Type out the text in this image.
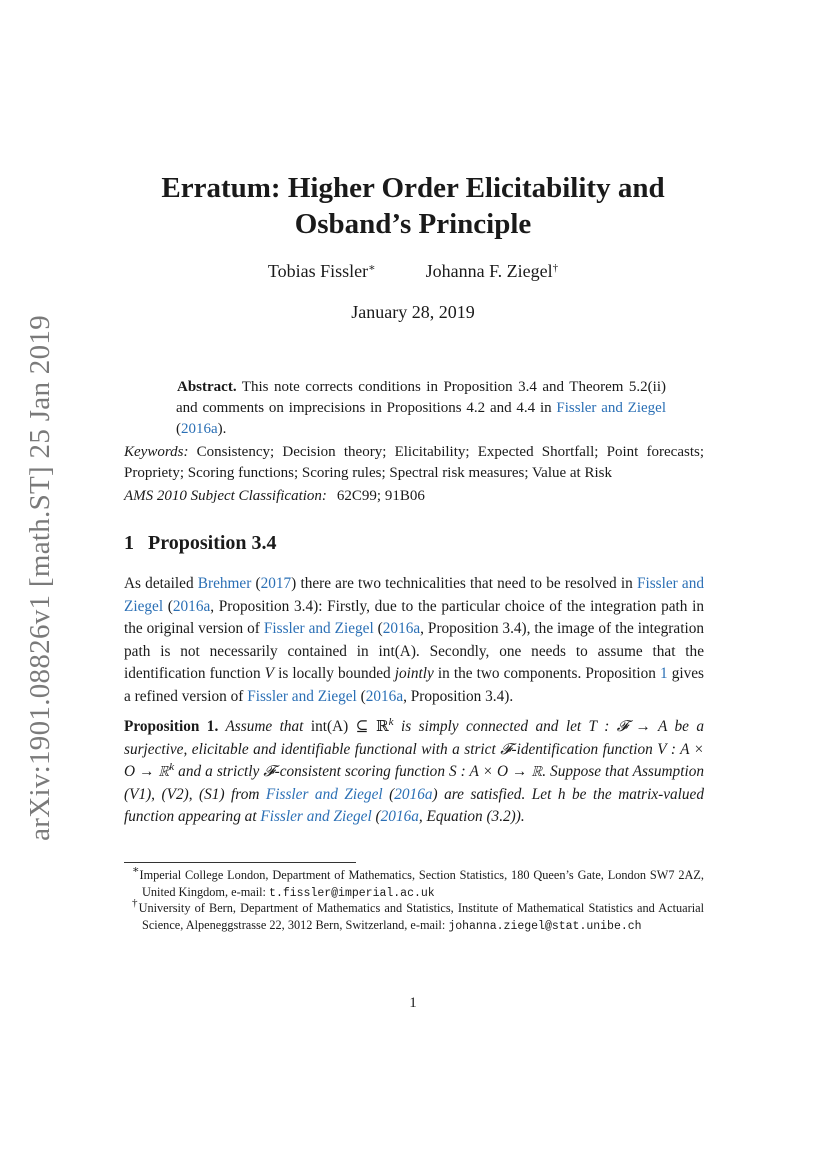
arXiv:1901.08826v1 [math.ST] 25 Jan 2019
Erratum: Higher Order Elicitability and
Osband’s Principle
Tobias Fissler∗	Johanna F. Ziegel†
January 28, 2019

Abstract. This note corrects conditions in Proposition 3.4 and Theorem 5.2(ii) and comments on imprecisions in Propositions 4.2 and 4.4 in Fissler and Ziegel (2016a).

Keywords: Consistency; Decision theory; Elicitability; Expected Shortfall; Point forecasts; Propriety; Scoring functions; Scoring rules; Spectral risk measures; Value at Risk

AMS 2010 Subject Classification: 62C99; 91B06
1 Proposition 3.4

As detailed Brehmer (2017) there are two technicalities that need to be resolved in Fissler and Ziegel (2016a, Proposition 3.4): Firstly, due to the particular choice of the integration path in the original version of Fissler and Ziegel (2016a, Proposition 3.4), the image of the integration path is not necessarily contained in int(A). Secondly, one needs to assume that the identification function V is locally bounded jointly in the two components. Proposition 1 gives a refined version of Fissler and Ziegel (2016a, Proposition 3.4).

Proposition 1. Assume that int(A) ⊆ ℝ$^k$ is simply connected and let T : 𝓕 → A be a surjective, elicitable and identifiable functional with a strict 𝓕-identification function V : A × O → ℝ$^k$ and a strictly 𝓕-consistent scoring function S : A × O → ℝ. Suppose that Assumption (V1), (V2), (S1) from Fissler and Ziegel (2016a) are satisfied. Let h be the matrix-valued function appearing at Fissler and Ziegel (2016a, Equation (3.2)).

∗Imperial College London, Department of Mathematics, Section Statistics, 180 Queen’s Gate, London SW7 2AZ, United Kingdom, e-mail: t.fissler@imperial.ac.uk

†University of Bern, Department of Mathematics and Statistics, Institute of Mathematical Statistics and Actuarial Science, Alpeneggstrasse 22, 3012 Bern, Switzerland, e-mail: johanna.ziegel@stat.unibe.ch

1
